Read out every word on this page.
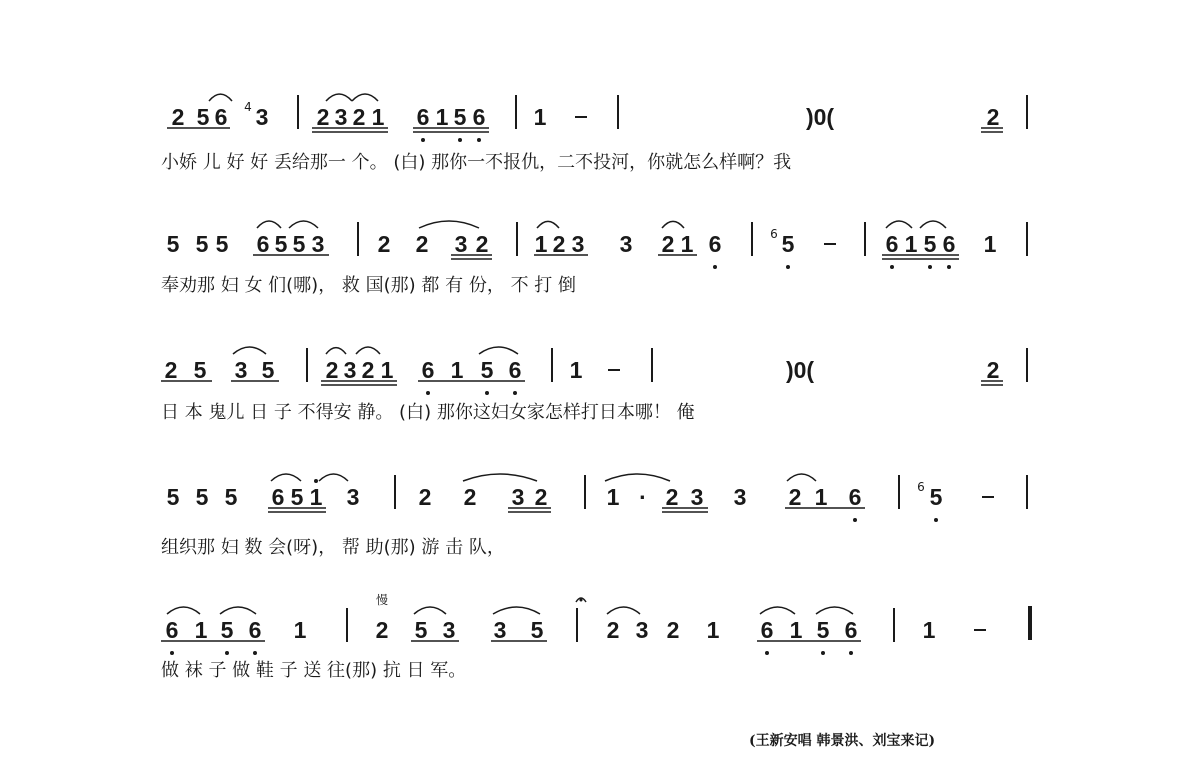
2 5 6 3
4	2 3 2 1 6 1 5 6 1	)0(	2
小娇 儿 好 好 丢给那一 个。 (白) 那你一不报仇，二不投河，你就怎么样啊？我
5 5 5 6 5 5 3 2 2 3 2 1 2 3 3 2 1 6	5
6	6 1 5 6 1
奉劝那 妇 女 们(哪)， 救 国(那) 都 有 份， 不 打 倒
2 5 3 5 2 3 2 1 6 1 5 6 1	)0(	2
日 本 鬼儿 日 子 不得安 静。 (白) 那你这妇女家怎样打日本哪！ 俺
5 5 5 6 5 1 3	2 2 3 2	1 · 2 3 3 2 1 6	5
6
组织那 妇 数 会(呀)， 帮 助(那) 游 击 队，
6 1 5 6 1	2 5 3 3 5	2 3 2 1 6 1 5 6	1
做 袜 子 做 鞋 子 送 往(那) 抗 日 军。
慢
(王新安唱 韩景洪、刘宝来记)
